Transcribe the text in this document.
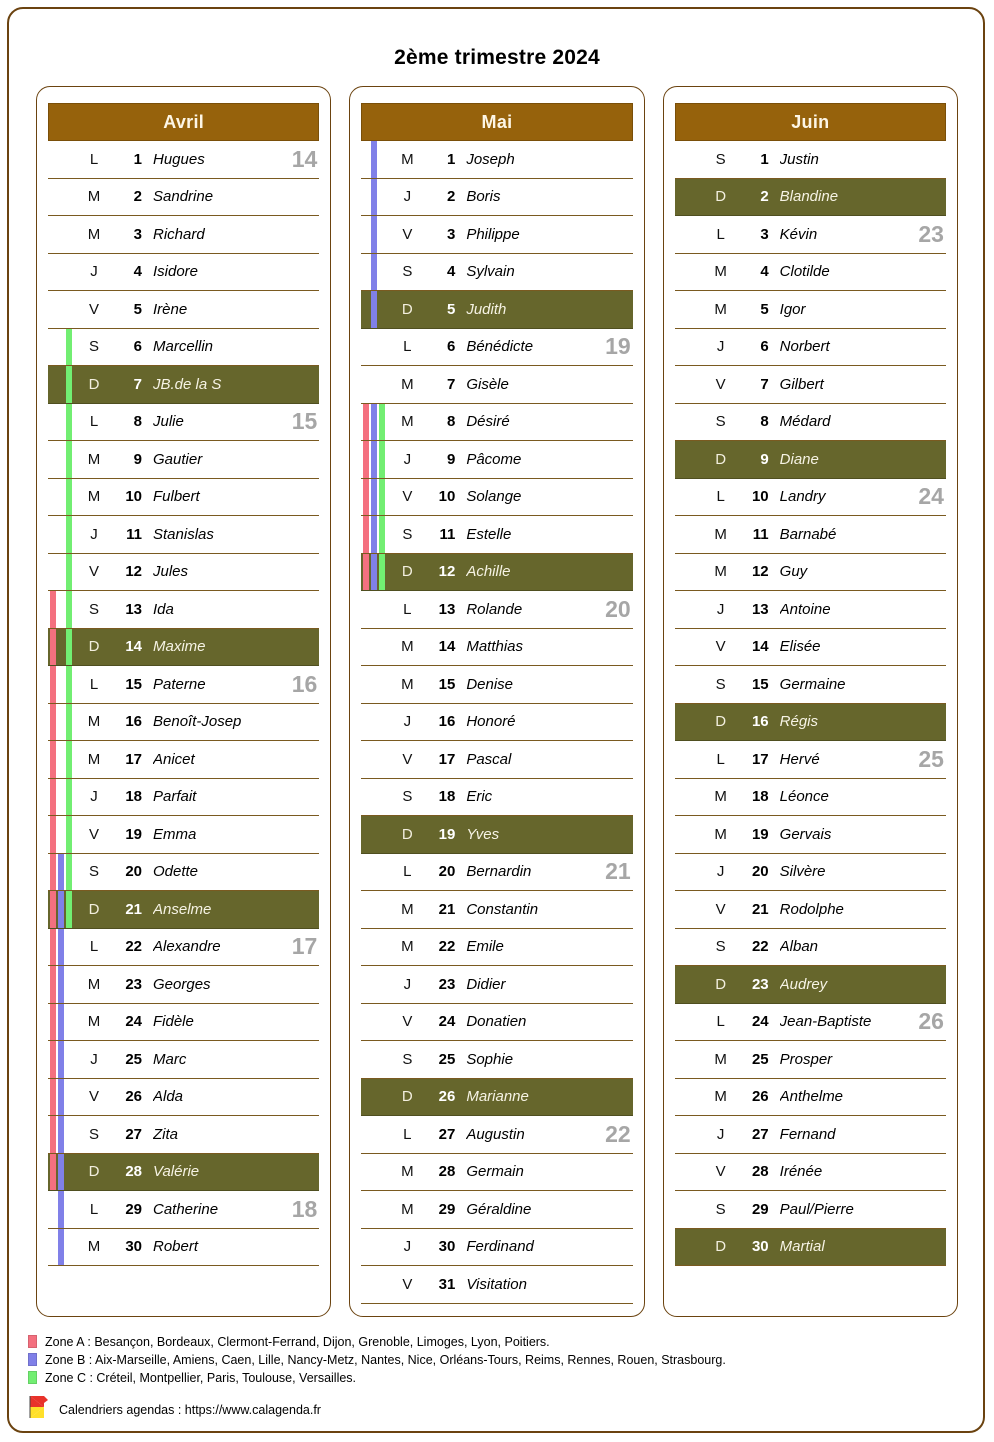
2ème trimestre 2024
Avril
L	1 Hugues	14
M	2 Sandrine
M	3 Richard
J	4 Isidore
V	5 Irène
S	6 Marcellin
D	7 JB.de la S
L	8 Julie	15
M	9 Gautier
M	10 Fulbert
J	11 Stanislas
V	12 Jules
S	13 Ida
D	14 Maxime
L	15 Paterne	16
M	16 Benoît-Josep
M	17 Anicet
J	18 Parfait
V	19 Emma
S	20 Odette
D	21 Anselme
L	22 Alexandre	17
M	23 Georges
M	24 Fidèle
J	25 Marc
V	26 Alda
S	27 Zita
D	28 Valérie
L	29 Catherine	18
M	30 Robert
Mai
M	1 Joseph
J	2 Boris
V	3 Philippe
S	4 Sylvain
D	5 Judith
L	6 Bénédicte	19
M	7 Gisèle
M	8 Désiré
J	9 Pâcome
V	10 Solange
S	11 Estelle
D	12 Achille
L	13 Rolande	20
M	14 Matthias
M	15 Denise
J	16 Honoré
V	17 Pascal
S	18 Eric
D	19 Yves
L	20 Bernardin	21
M	21 Constantin
M	22 Emile
J	23 Didier
V	24 Donatien
S	25 Sophie
D	26 Marianne
L	27 Augustin	22
M	28 Germain
M	29 Géraldine
J	30 Ferdinand
V	31 Visitation
Juin
S	1 Justin
D	2 Blandine
L	3 Kévin	23
M	4 Clotilde
M	5 Igor
J	6 Norbert
V	7 Gilbert
S	8 Médard
D	9 Diane
L	10 Landry	24
M	11 Barnabé
M	12 Guy
J	13 Antoine
V	14 Elisée
S	15 Germaine
D	16 Régis
L	17 Hervé	25
M	18 Léonce
M	19 Gervais
J	20 Silvère
V	21 Rodolphe
S	22 Alban
D	23 Audrey
L	24 Jean-Baptiste	26
M	25 Prosper
M	26 Anthelme
J	27 Fernand
V	28 Irénée
S	29 Paul/Pierre
D	30 Martial
Zone A : Besançon, Bordeaux, Clermont-Ferrand, Dijon, Grenoble, Limoges, Lyon, Poitiers.
Zone B : Aix-Marseille, Amiens, Caen, Lille, Nancy-Metz, Nantes, Nice, Orléans-Tours, Reims, Rennes, Rouen, Strasbourg.
Zone C : Créteil, Montpellier, Paris, Toulouse, Versailles.
Calendriers agendas : https://www.calagenda.fr
